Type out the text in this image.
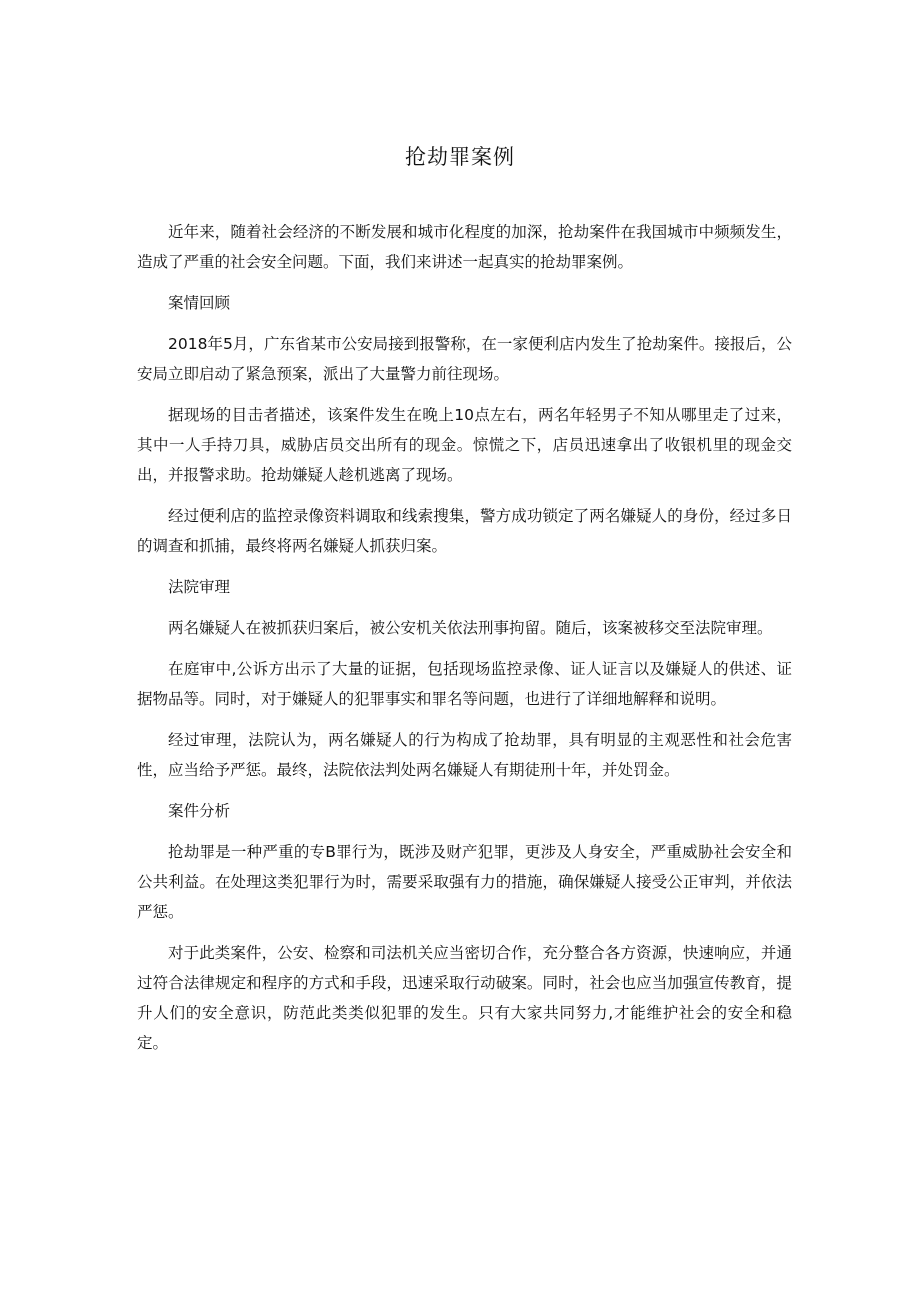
抢劫罪案例

近年来，随着社会经济的不断发展和城市化程度的加深，抢劫案件在我国城市中频频发生，造成了严重的社会安全问题。下面，我们来讲述一起真实的抢劫罪案例。

案情回顾

2018年5月，广东省某市公安局接到报警称，在一家便利店内发生了抢劫案件。接报后，公安局立即启动了紧急预案，派出了大量警力前往现场。

据现场的目击者描述，该案件发生在晚上10点左右，两名年轻男子不知从哪里走了过来，其中一人手持刀具，威胁店员交出所有的现金。惊慌之下，店员迅速拿出了收银机里的现金交出，并报警求助。抢劫嫌疑人趁机逃离了现场。

经过便利店的监控录像资料调取和线索搜集，警方成功锁定了两名嫌疑人的身份，经过多日的调查和抓捕，最终将两名嫌疑人抓获归案。

法院审理

两名嫌疑人在被抓获归案后，被公安机关依法刑事拘留。随后，该案被移交至法院审理。

在庭审中,公诉方出示了大量的证据，包括现场监控录像、证人证言以及嫌疑人的供述、证据物品等。同时，对于嫌疑人的犯罪事实和罪名等问题，也进行了详细地解释和说明。

经过审理，法院认为，两名嫌疑人的行为构成了抢劫罪，具有明显的主观恶性和社会危害性，应当给予严惩。最终，法院依法判处两名嫌疑人有期徒刑十年，并处罚金。

案件分析

抢劫罪是一种严重的专B罪行为，既涉及财产犯罪，更涉及人身安全，严重威胁社会安全和公共利益。在处理这类犯罪行为时，需要采取强有力的措施，确保嫌疑人接受公正审判，并依法严惩。

对于此类案件，公安、检察和司法机关应当密切合作，充分整合各方资源，快速响应，并通过符合法律规定和程序的方式和手段，迅速采取行动破案。同时，社会也应当加强宣传教育，提升人们的安全意识，防范此类类似犯罪的发生。只有大家共同努力,才能维护社会的安全和稳定。
